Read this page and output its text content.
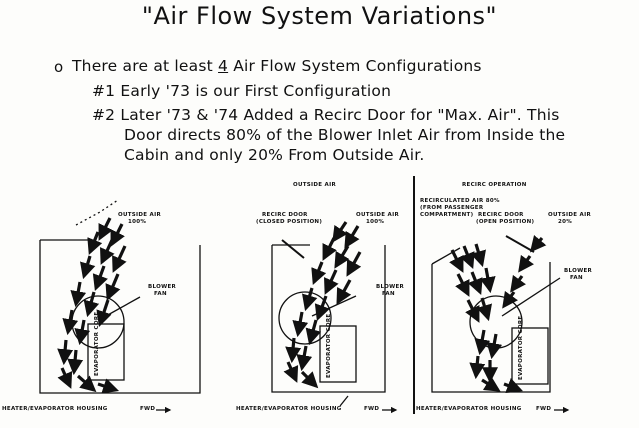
"Air Flow System Variations"
o There are at least 4 Air Flow System Configurations
#1 Early '73 is our First Configuration
#2 Later '73 & '74 Added a Recirc Door for "Max. Air". This
Door directs 80% of the Blower Inlet Air from Inside the
Cabin and only 20% From Outside Air.
OUTSIDE AIR
100%
BLOWER
FAN
EVAPORATOR CORE
HEATER/EVAPORATOR HOUSING	FWD
OUTSIDE AIR
RECIRC DOOR
(CLOSED POSITION)
OUTSIDE AIR
100%
BLOWER
FAN
EVAPORATOR CORE
HEATER/EVAPORATOR HOUSING	FWD
RECIRC OPERATION
RECIRCULATED AIR 80%
(FROM PASSENGER
COMPARTMENT) RECIRC DOOR
(OPEN POSITION)
OUTSIDE AIR
20%
BLOWER
FAN
EVAPORATOR CORE
HEATER/EVAPORATOR HOUSING	FWD
